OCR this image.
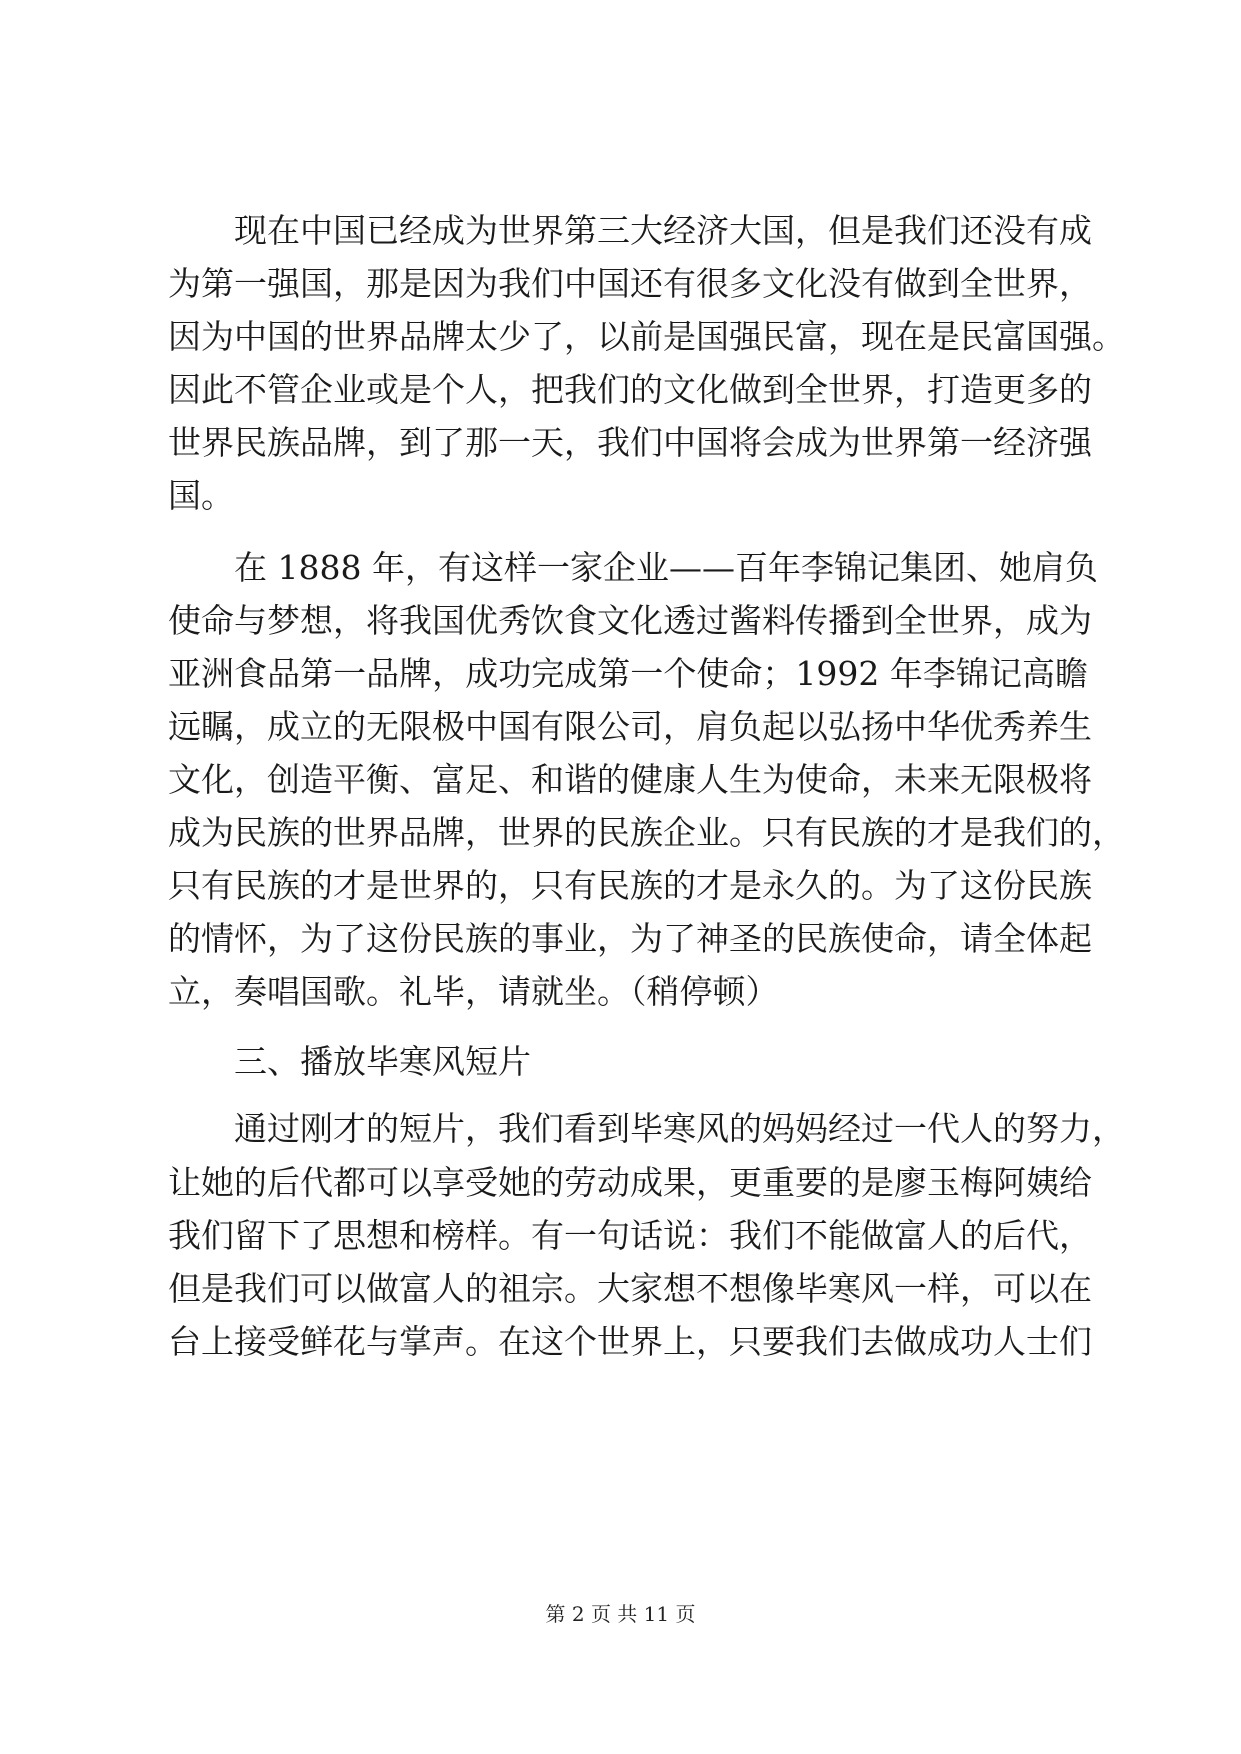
现在中国已经成为世界第三大经济大国，但是我们还没有成
为第一强国，那是因为我们中国还有很多文化没有做到全世界，
因为中国的世界品牌太少了，以前是国强民富，现在是民富国强。
因此不管企业或是个人，把我们的文化做到全世界，打造更多的
世界民族品牌，到了那一天，我们中国将会成为世界第一经济强
国。
在 1888 年，有这样一家企业——百年李锦记集团、她肩负
使命与梦想，将我国优秀饮食文化透过酱料传播到全世界，成为
亚洲食品第一品牌，成功完成第一个使命；1992 年李锦记高瞻
远瞩，成立的无限极中国有限公司，肩负起以弘扬中华优秀养生
文化，创造平衡、富足、和谐的健康人生为使命，未来无限极将
成为民族的世界品牌，世界的民族企业。只有民族的才是我们的，
只有民族的才是世界的，只有民族的才是永久的。为了这份民族
的情怀，为了这份民族的事业，为了神圣的民族使命，请全体起
立，奏唱国歌。礼毕，请就坐。（稍停顿）
三、播放毕寒风短片
通过刚才的短片，我们看到毕寒风的妈妈经过一代人的努力，
让她的后代都可以享受她的劳动成果，更重要的是廖玉梅阿姨给
我们留下了思想和榜样。有一句话说：我们不能做富人的后代，
但是我们可以做富人的祖宗。大家想不想像毕寒风一样，可以在
台上接受鲜花与掌声。在这个世界上，只要我们去做成功人士们
第 2 页 共 11 页
